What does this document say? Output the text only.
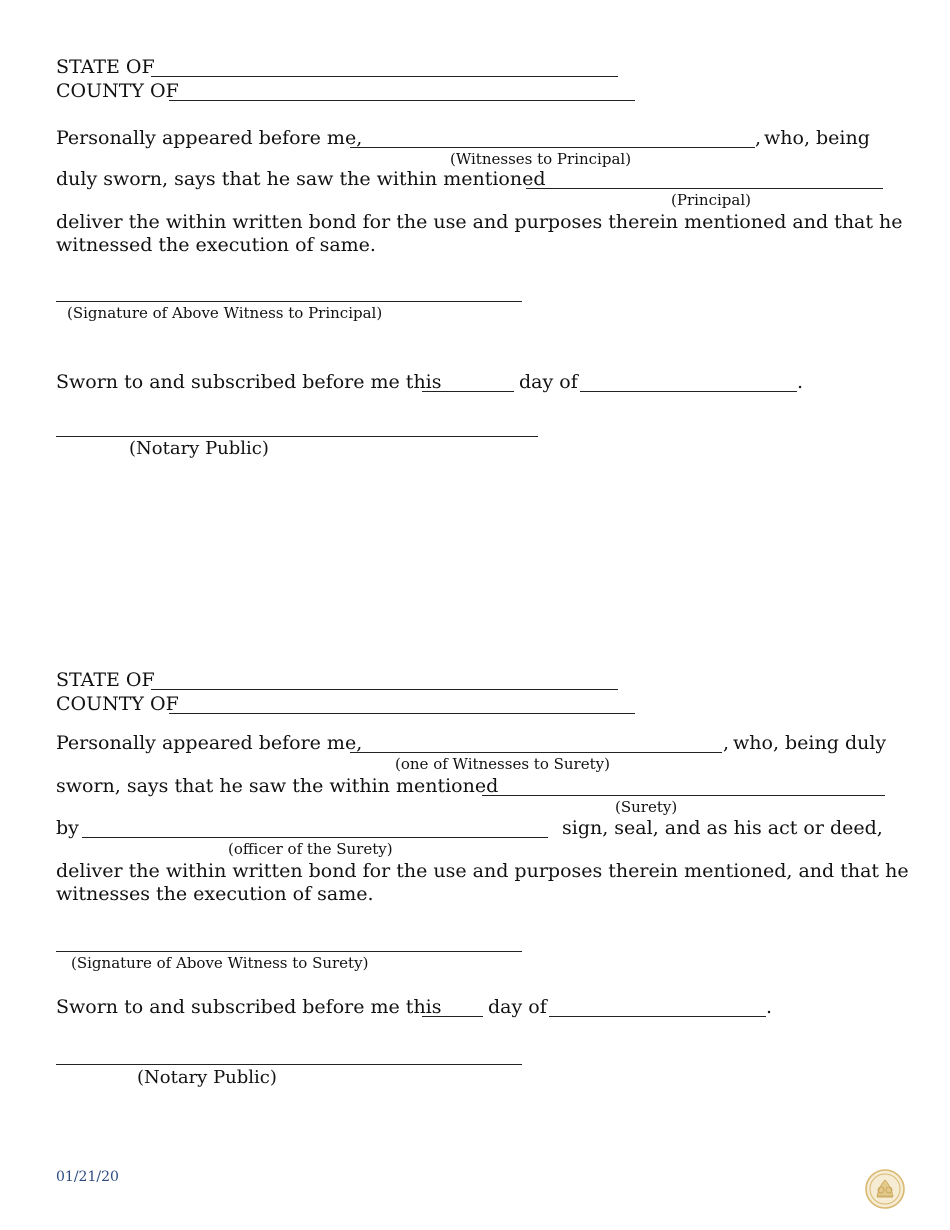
STATE OF
COUNTY OF
Personally appeared before me,	, who, being
(Witnesses to Principal)
duly sworn, says that he saw the within mentioned
(Principal)
deliver the within written bond for the use and purposes therein mentioned and that he
witnessed the execution of same.
(Signature of Above Witness to Principal)
Sworn to and subscribed before me this	day of	.
(Notary Public)
STATE OF
COUNTY OF
Personally appeared before me,	, who, being duly
(one of Witnesses to Surety)
sworn, says that he saw the within mentioned
(Surety)
by	sign, seal, and as his act or deed,
(officer of the Surety)
deliver the within written bond for the use and purposes therein mentioned, and that he
witnesses the execution of same.
(Signature of Above Witness to Surety)
Sworn to and subscribed before me this day of	.
(Notary Public)
01/21/20
